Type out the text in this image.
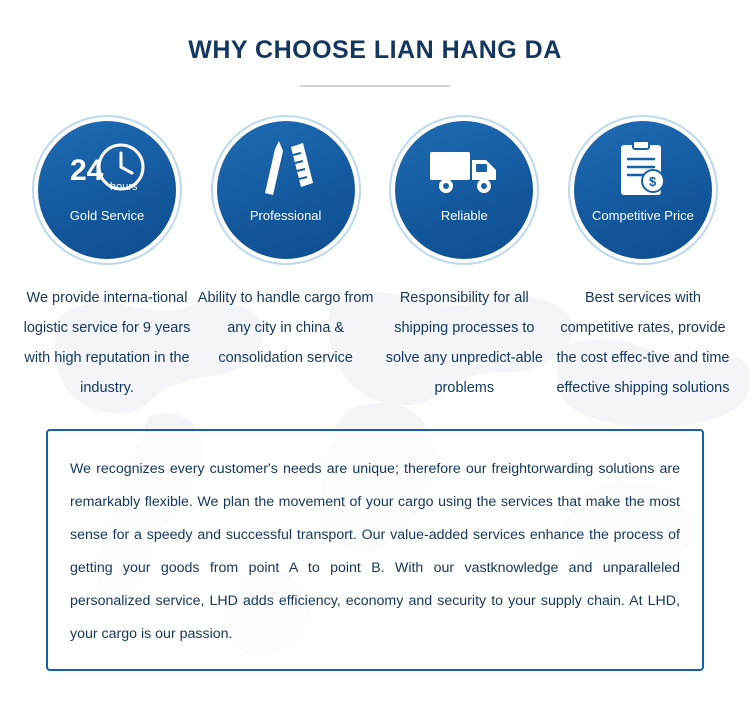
WHY CHOOSE LIAN HANG DA
24 hours
Gold Service
We provide interna-tional logistic service for 9 years with high reputation in the industry.
Professional
Ability to handle cargo from any city in china & consolidation service
Reliable
Responsibility for all shipping processes to solve any unpredict-able problems
$
Competitive Price
Best services with competitive rates, provide the cost effec-tive and time effective shipping solutions

We recognizes every customer's needs are unique; therefore our freightorwarding solutions are remarkably flexible. We plan the movement of your cargo using the services that make the most sense for a speedy and successful transport. Our value-added services enhance the process of getting your goods from point A to point B. With our vastknowledge and unparalleled personalized service, LHD adds efficiency, economy and security to your supply chain. At LHD, your cargo is our passion.
